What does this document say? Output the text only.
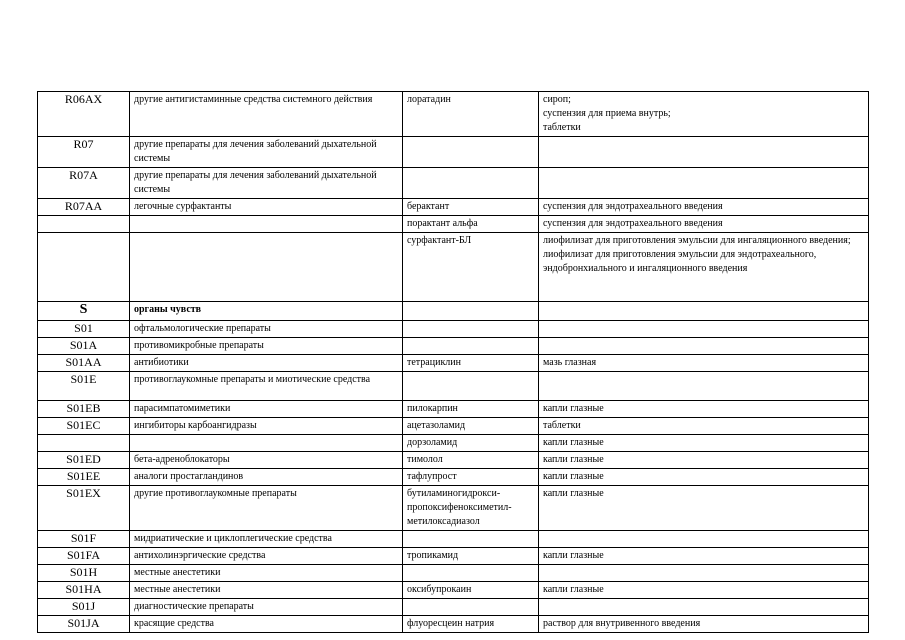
R06AX	другие антигистаминные средства системного действия	лоратадин	сироп;
суспензия для приема внутрь;
таблетки
R07	другие препараты для лечения заболеваний дыхательной системы		
R07A	другие препараты для лечения заболеваний дыхательной системы		
R07AA	легочные сурфактанты	берактант	суспензия для эндотрахеального введения
		порактант альфа	суспензия для эндотрахеального введения
		сурфактант-БЛ	лиофилизат для приготовления эмульсии для ингаляционного введения;
лиофилизат для приготовления эмульсии для эндотрахеального, эндобронхиального и ингаляционного введения
S	органы чувств		
S01	офтальмологические препараты		
S01A	противомикробные препараты		
S01AA	антибиотики	тетрациклин	мазь глазная
S01E	противоглаукомные препараты и миотические средства		
S01EB	парасимпатомиметики	пилокарпин	капли глазные
S01EC	ингибиторы карбоангидразы	ацетазоламид	таблетки
		дорзоламид	капли глазные
S01ED	бета-адреноблокаторы	тимолол	капли глазные
S01EE	аналоги простагландинов	тафлупрост	капли глазные
S01EX	другие противоглаукомные препараты	бутиламиногидрокси-пропоксифеноксиметил-метилоксадиазол	капли глазные
S01F	мидриатические и циклоплегические средства		
S01FA	антихолинэргические средства	тропикамид	капли глазные
S01H	местные анестетики		
S01HA	местные анестетики	оксибупрокаин	капли глазные
S01J	диагностические препараты		
S01JA	красящие средства	флуоресцеин натрия	раствор для внутривенного введения
